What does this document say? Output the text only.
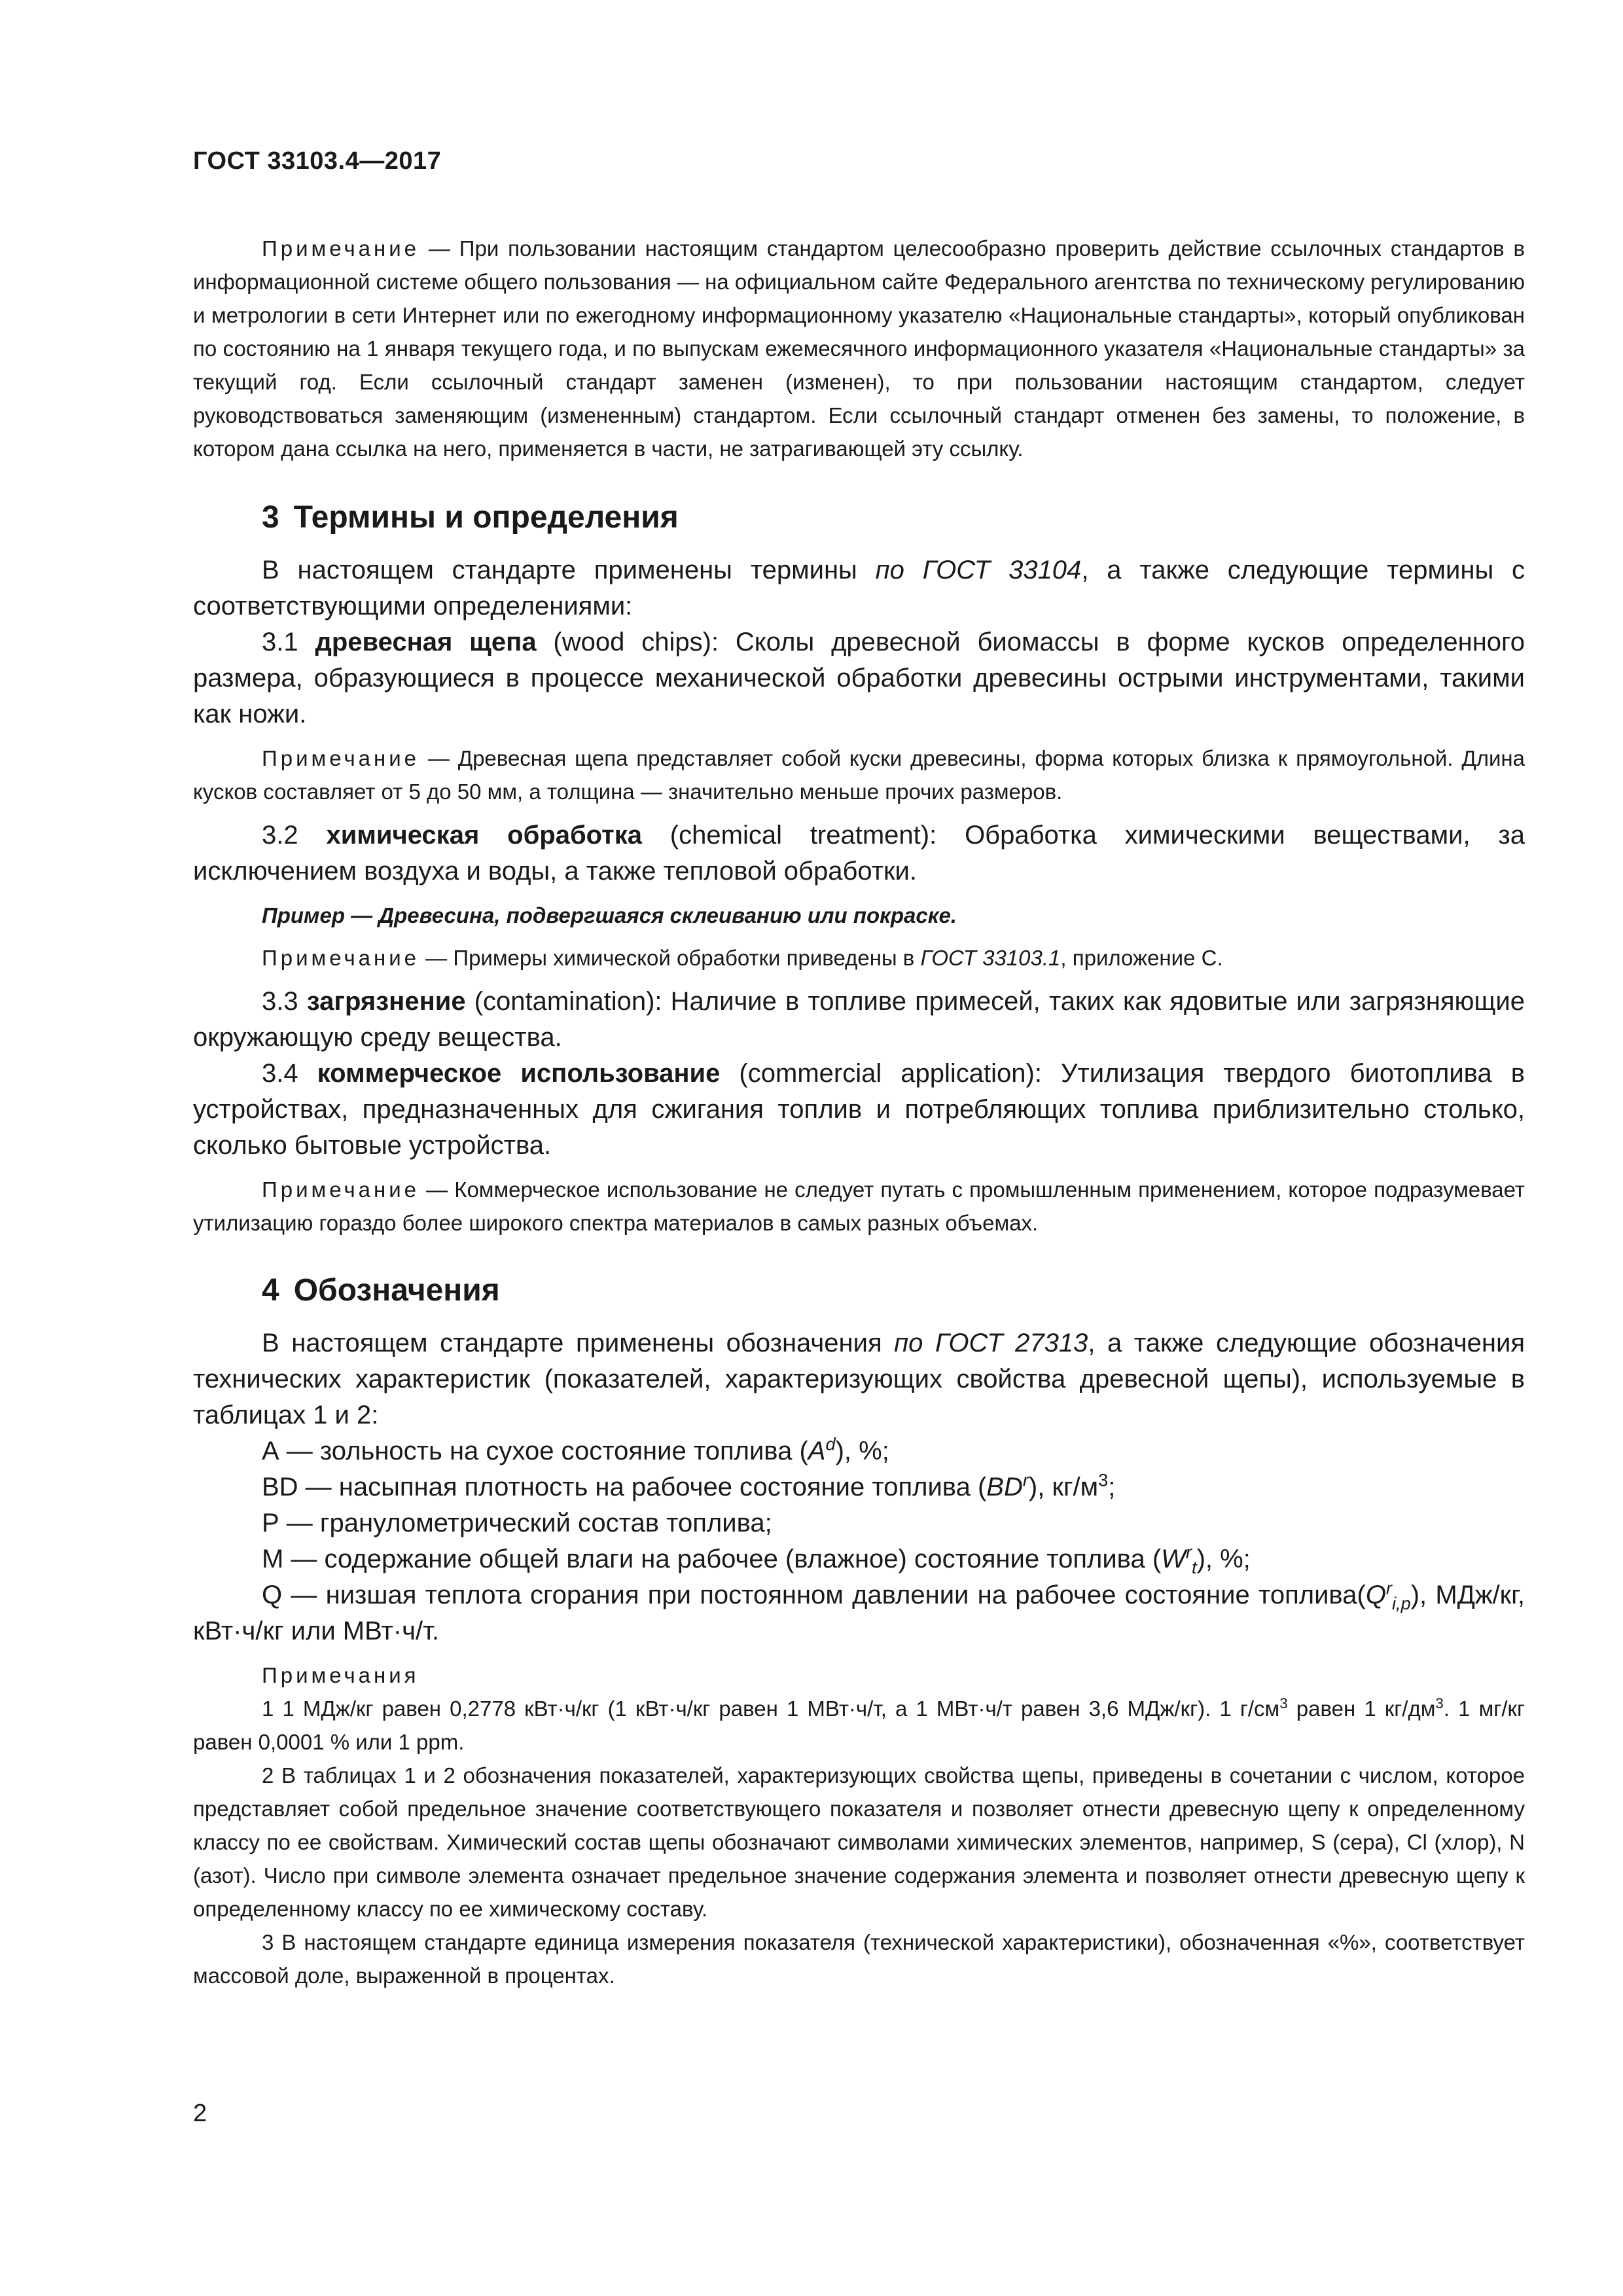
ГОСТ 33103.4—2017

Примечание — При пользовании настоящим стандартом целесообразно проверить действие ссылочных стандартов в информационной системе общего пользования — на официальном сайте Федерального агентства по техническому регулированию и метрологии в сети Интернет или по ежегодному информационному указателю «Национальные стандарты», который опубликован по состоянию на 1 января текущего года, и по выпускам ежемесячного информационного указателя «Национальные стандарты» за текущий год. Если ссылочный стандарт заменен (изменен), то при пользовании настоящим стандартом, следует руководствоваться заменяющим (измененным) стандартом. Если ссылочный стандарт отменен без замены, то положение, в котором дана ссылка на него, применяется в части, не затрагивающей эту ссылку.

3 Термины и определения

В настоящем стандарте применены термины по ГОСТ 33104, а также следующие термины с соответствующими определениями:

3.1 древесная щепа (wood chips): Сколы древесной биомассы в форме кусков определенного размера, образующиеся в процессе механической обработки древесины острыми инструментами, такими как ножи.

Примечание — Древесная щепа представляет собой куски древесины, форма которых близка к прямоугольной. Длина кусков составляет от 5 до 50 мм, а толщина — значительно меньше прочих размеров.

3.2 химическая обработка (chemical treatment): Обработка химическими веществами, за исключением воздуха и воды, а также тепловой обработки.

Пример — Древесина, подвергшаяся склеиванию или покраске.

Примечание — Примеры химической обработки приведены в ГОСТ 33103.1, приложение С.

3.3 загрязнение (contamination): Наличие в топливе примесей, таких как ядовитые или загрязняющие окружающую среду вещества.

3.4 коммерческое использование (commercial application): Утилизация твердого биотоплива в устройствах, предназначенных для сжигания топлив и потребляющих топлива приблизительно столько, сколько бытовые устройства.

Примечание — Коммерческое использование не следует путать с промышленным применением, которое подразумевает утилизацию гораздо более широкого спектра материалов в самых разных объемах.

4 Обозначения

В настоящем стандарте применены обозначения по ГОСТ 27313, а также следующие обозначения технических характеристик (показателей, характеризующих свойства древесной щепы), используемые в таблицах 1 и 2:

А — зольность на сухое состояние топлива $(A^d)$, %;

BD — насыпная плотность на рабочее состояние топлива $(BD^r)$, $кг/м^3$;

Р — гранулометрический состав топлива;

М — содержание общей влаги на рабочее (влажное) состояние топлива $(W^r_t)$, %;

Q — низшая теплота сгорания при постоянном давлении на рабочее состояние $топлива(Q^r_{i,p})$, МДж/кг, кВт·ч/кг или МВт·ч/т.

Примечания

1 1 МДж/кг равен 0,2778 кВт·ч/кг (1 кВт·ч/кг равен 1 МВт·ч/т, а 1 МВт·ч/т равен 3,6 МДж/кг). 1 $г/см^3$ равен 1 $кг/дм^3$. 1 мг/кг равен 0,0001 % или 1 ppm.

2 В таблицах 1 и 2 обозначения показателей, характеризующих свойства щепы, приведены в сочетании с числом, которое представляет собой предельное значение соответствующего показателя и позволяет отнести древесную щепу к определенному классу по ее свойствам. Химический состав щепы обозначают символами химических элементов, например, S (сера), Cl (хлор), N (азот). Число при символе элемента означает предельное значение содержания элемента и позволяет отнести древесную щепу к определенному классу по ее химическому составу.

3 В настоящем стандарте единица измерения показателя (технической характеристики), обозначенная «%», соответствует массовой доле, выраженной в процентах.

2
